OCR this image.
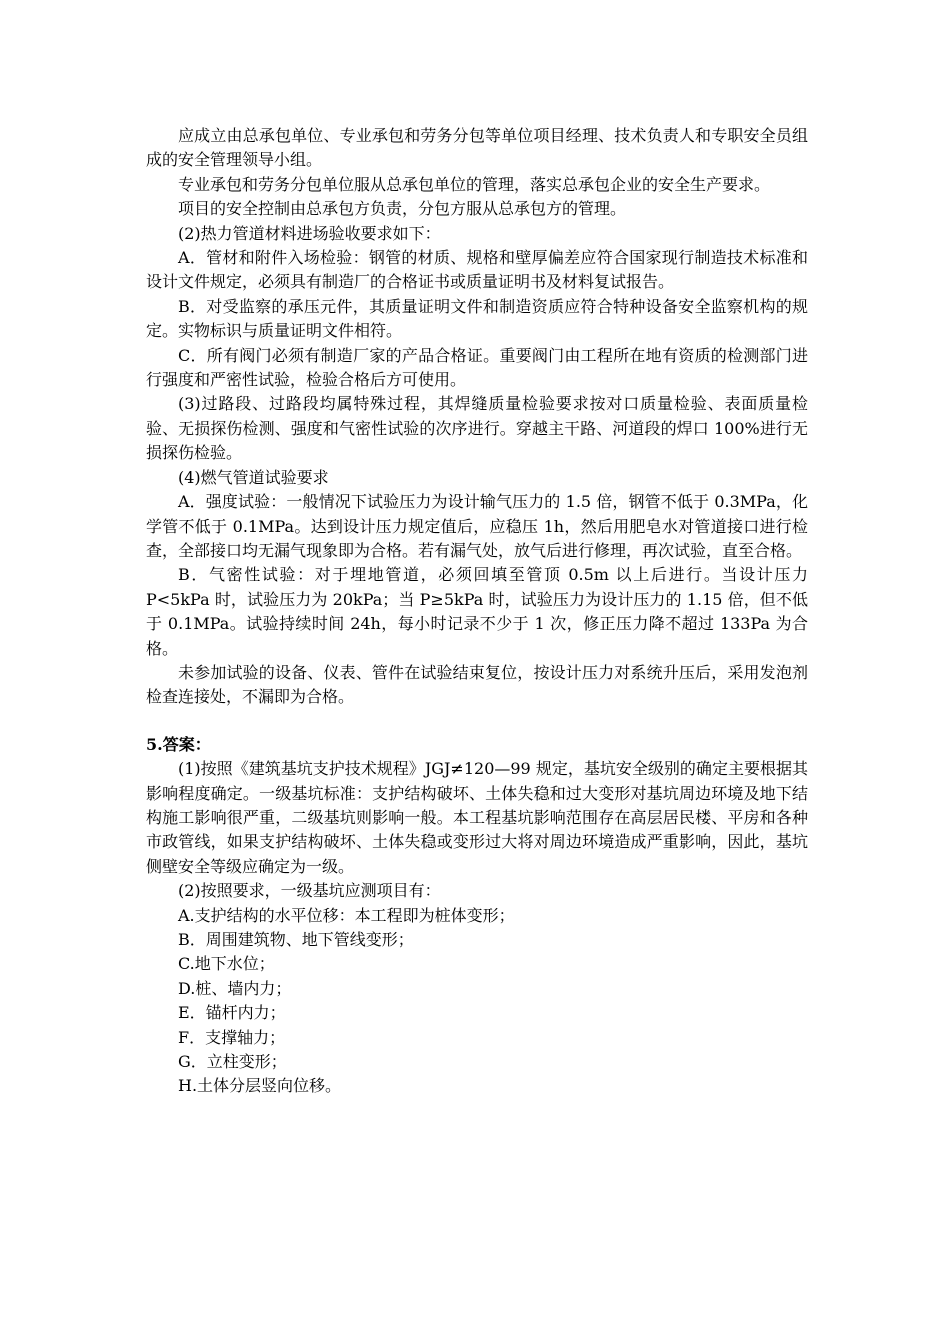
应成立由总承包单位、专业承包和劳务分包等单位项目经理、技术负责人和专职安全员组成的安全管理领导小组。

专业承包和劳务分包单位服从总承包单位的管理，落实总承包企业的安全生产要求。

项目的安全控制由总承包方负责，分包方服从总承包方的管理。

(2)热力管道材料进场验收要求如下：

A．管材和附件入场检验：钢管的材质、规格和壁厚偏差应符合国家现行制造技术标准和设计文件规定，必须具有制造厂的合格证书或质量证明书及材料复试报告。

B．对受监察的承压元件，其质量证明文件和制造资质应符合特种设备安全监察机构的规定。实物标识与质量证明文件相符。

C．所有阀门必须有制造厂家的产品合格证。重要阀门由工程所在地有资质的检测部门进行强度和严密性试验，检验合格后方可使用。

(3)过路段、过路段均属特殊过程，其焊缝质量检验要求按对口质量检验、表面质量检验、无损探伤检测、强度和气密性试验的次序进行。穿越主干路、河道段的焊口 100%进行无损探伤检验。

(4)燃气管道试验要求

A．强度试验：一般情况下试验压力为设计输气压力的 1.5 倍，钢管不低于 0.3MPa，化学管不低于 0.1MPa。达到设计压力规定值后，应稳压 1h，然后用肥皂水对管道接口进行检查，全部接口均无漏气现象即为合格。若有漏气处，放气后进行修理，再次试验，直至合格。

B．气密性试验：对于埋地管道，必须回填至管顶 0.5m 以上后进行。当设计压力 P<5kPa 时，试验压力为 20kPa；当 P≥5kPa 时，试验压力为设计压力的 1.15 倍，但不低于 0.1MPa。试验持续时间 24h，每小时记录不少于 1 次，修正压力降不超过 133Pa 为合格。

未参加试验的设备、仪表、管件在试验结束复位，按设计压力对系统升压后，采用发泡剂检查连接处，不漏即为合格。

5.答案：

(1)按照《建筑基坑支护技术规程》JGJ≠120—99 规定，基坑安全级别的确定主要根据其影响程度确定。一级基坑标准：支护结构破坏、土体失稳和过大变形对基坑周边环境及地下结构施工影响很严重，二级基坑则影响一般。本工程基坑影响范围存在高层居民楼、平房和各种市政管线，如果支护结构破坏、土体失稳或变形过大将对周边环境造成严重影响，因此，基坑侧壁安全等级应确定为一级。

(2)按照要求，一级基坑应测项目有：

A.支护结构的水平位移：本工程即为桩体变形；

B．周围建筑物、地下管线变形；

C.地下水位；

D.桩、墙内力；

E．锚杆内力；

F．支撑轴力；

G．立柱变形；

H.土体分层竖向位移。
